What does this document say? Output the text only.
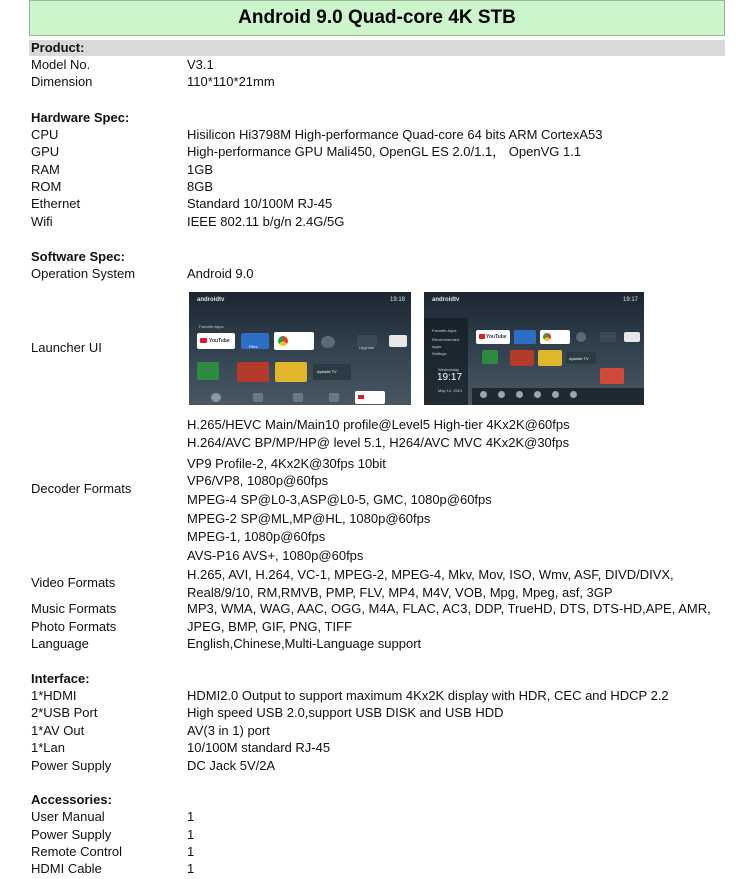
Android 9.0 Quad-core 4K STB
Product:
Model No.	V3.1
Dimension	110*110*21mm
Hardware Spec:
CPU	Hisilicon Hi3798M High-performance Quad-core 64 bits ARM CortexA53
GPU	High-performance GPU Mali450, OpenGL ES 2.0/1.1， OpenVG 1.1
RAM	1GB
ROM	8GB
Ethernet	Standard 10/100M RJ-45
Wifi	IEEE 802.11 b/g/n 2.4G/5G
Software Spec:
Operation System	Android 9.0
Launcher UI
androidtv	19:18
Favorite Apps
YouTube
Files	Upgrade
Aptoide TV
androidtv	19:17
Favorite Apps
Recommended
Apps
Settings
Wednesday
19:17
May 12, 2021
YouTube
Aptoide TV
Decoder Formats
H.265/HEVC Main/Main10 profile@Level5 High-tier 4Kx2K@60fps
H.264/AVC BP/MP/HP@ level 5.1, H264/AVC MVC 4Kx2K@30fps
VP9 Profile-2, 4Kx2K@30fps 10bit
VP6/VP8, 1080p@60fps
MPEG-4 SP@L0-3,ASP@L0-5, GMC, 1080p@60fps
MPEG-2 SP@ML,MP@HL, 1080p@60fps
MPEG-1, 1080p@60fps
AVS-P16 AVS+, 1080p@60fps
Video Formats
H.265, AVI, H.264, VC-1, MPEG-2, MPEG-4, Mkv, Mov, ISO, Wmv, ASF, DIVD/DIVX,
Real8/9/10, RM,RMVB, PMP, FLV, MP4, M4V, VOB, Mpg, Mpeg, asf, 3GP
Music Formats	MP3, WMA, WAG, AAC, OGG, M4A, FLAC, AC3, DDP, TrueHD, DTS, DTS-HD,APE, AMR,
Photo Formats	JPEG, BMP, GIF, PNG, TIFF
Language	English,Chinese,Multi-Language support
Interface:
1*HDMI	HDMI2.0 Output to support maximum 4Kx2K display with HDR, CEC and HDCP 2.2
2*USB Port	High speed USB 2.0,support USB DISK and USB HDD
1*AV Out	AV(3 in 1) port
1*Lan	10/100M standard RJ-45
Power Supply	DC Jack 5V/2A
Accessories:
User Manual	1
Power Supply	1
Remote Control	1
HDMI Cable	1
